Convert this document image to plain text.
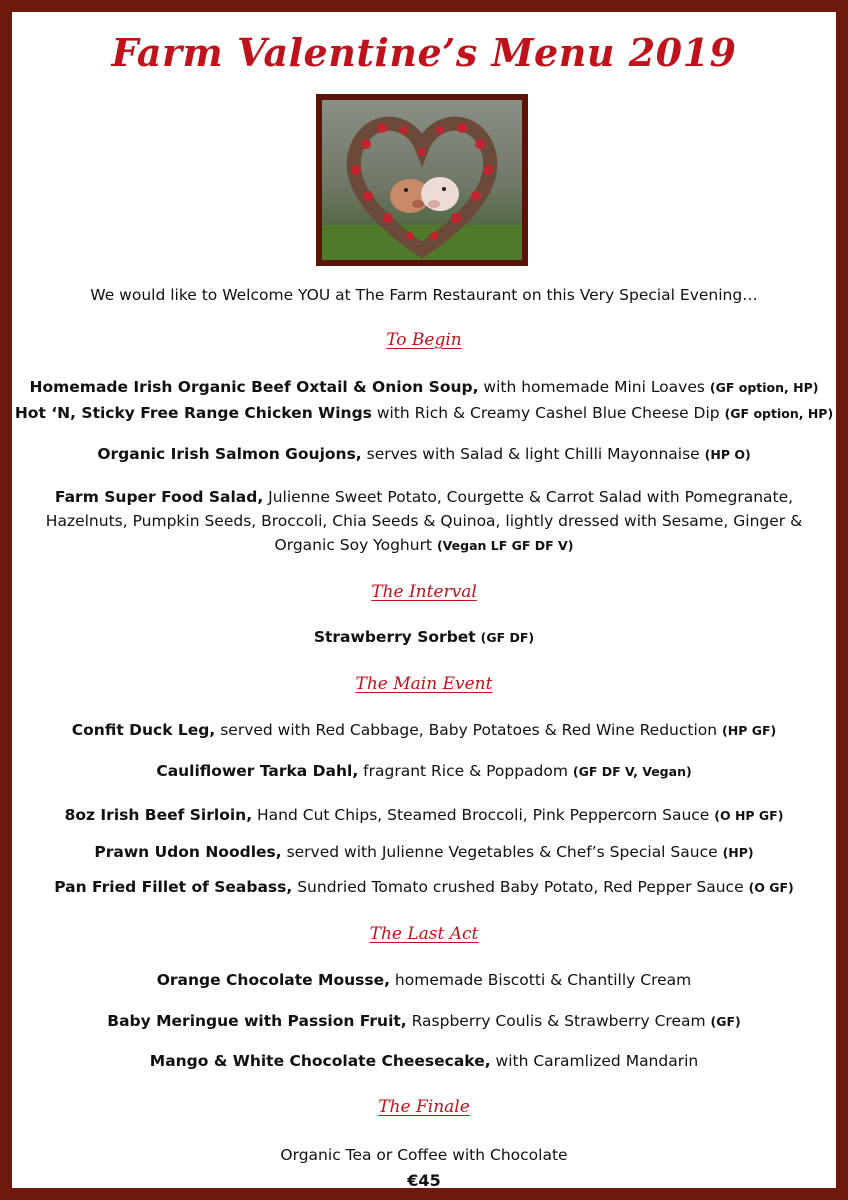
Farm Valentine’s Menu 2019
We would like to Welcome YOU at The Farm Restaurant on this Very Special Evening…
To Begin
Homemade Irish Organic Beef Oxtail & Onion Soup, with homemade Mini Loaves (GF option, HP)
Hot ‘N, Sticky Free Range Chicken Wings with Rich & Creamy Cashel Blue Cheese Dip (GF option, HP)
Organic Irish Salmon Goujons, serves with Salad & light Chilli Mayonnaise (HP O)
Farm Super Food Salad, Julienne Sweet Potato, Courgette & Carrot Salad with Pomegranate, Hazelnuts, Pumpkin Seeds, Broccoli, Chia Seeds & Quinoa, lightly dressed with Sesame, Ginger & Organic Soy Yoghurt (Vegan LF GF DF V)
The Interval
Strawberry Sorbet (GF DF)
The Main Event
Confit Duck Leg, served with Red Cabbage, Baby Potatoes & Red Wine Reduction (HP GF)
Cauliflower Tarka Dahl, fragrant Rice & Poppadom (GF DF V, Vegan)
8oz Irish Beef Sirloin, Hand Cut Chips, Steamed Broccoli, Pink Peppercorn Sauce (O HP GF)
Prawn Udon Noodles, served with Julienne Vegetables & Chef’s Special Sauce (HP)
Pan Fried Fillet of Seabass, Sundried Tomato crushed Baby Potato, Red Pepper Sauce (O GF)
The Last Act
Orange Chocolate Mousse, homemade Biscotti & Chantilly Cream
Baby Meringue with Passion Fruit, Raspberry Coulis & Strawberry Cream (GF)
Mango & White Chocolate Cheesecake, with Caramlized Mandarin
The Finale
Organic Tea or Coffee with Chocolate
€45
